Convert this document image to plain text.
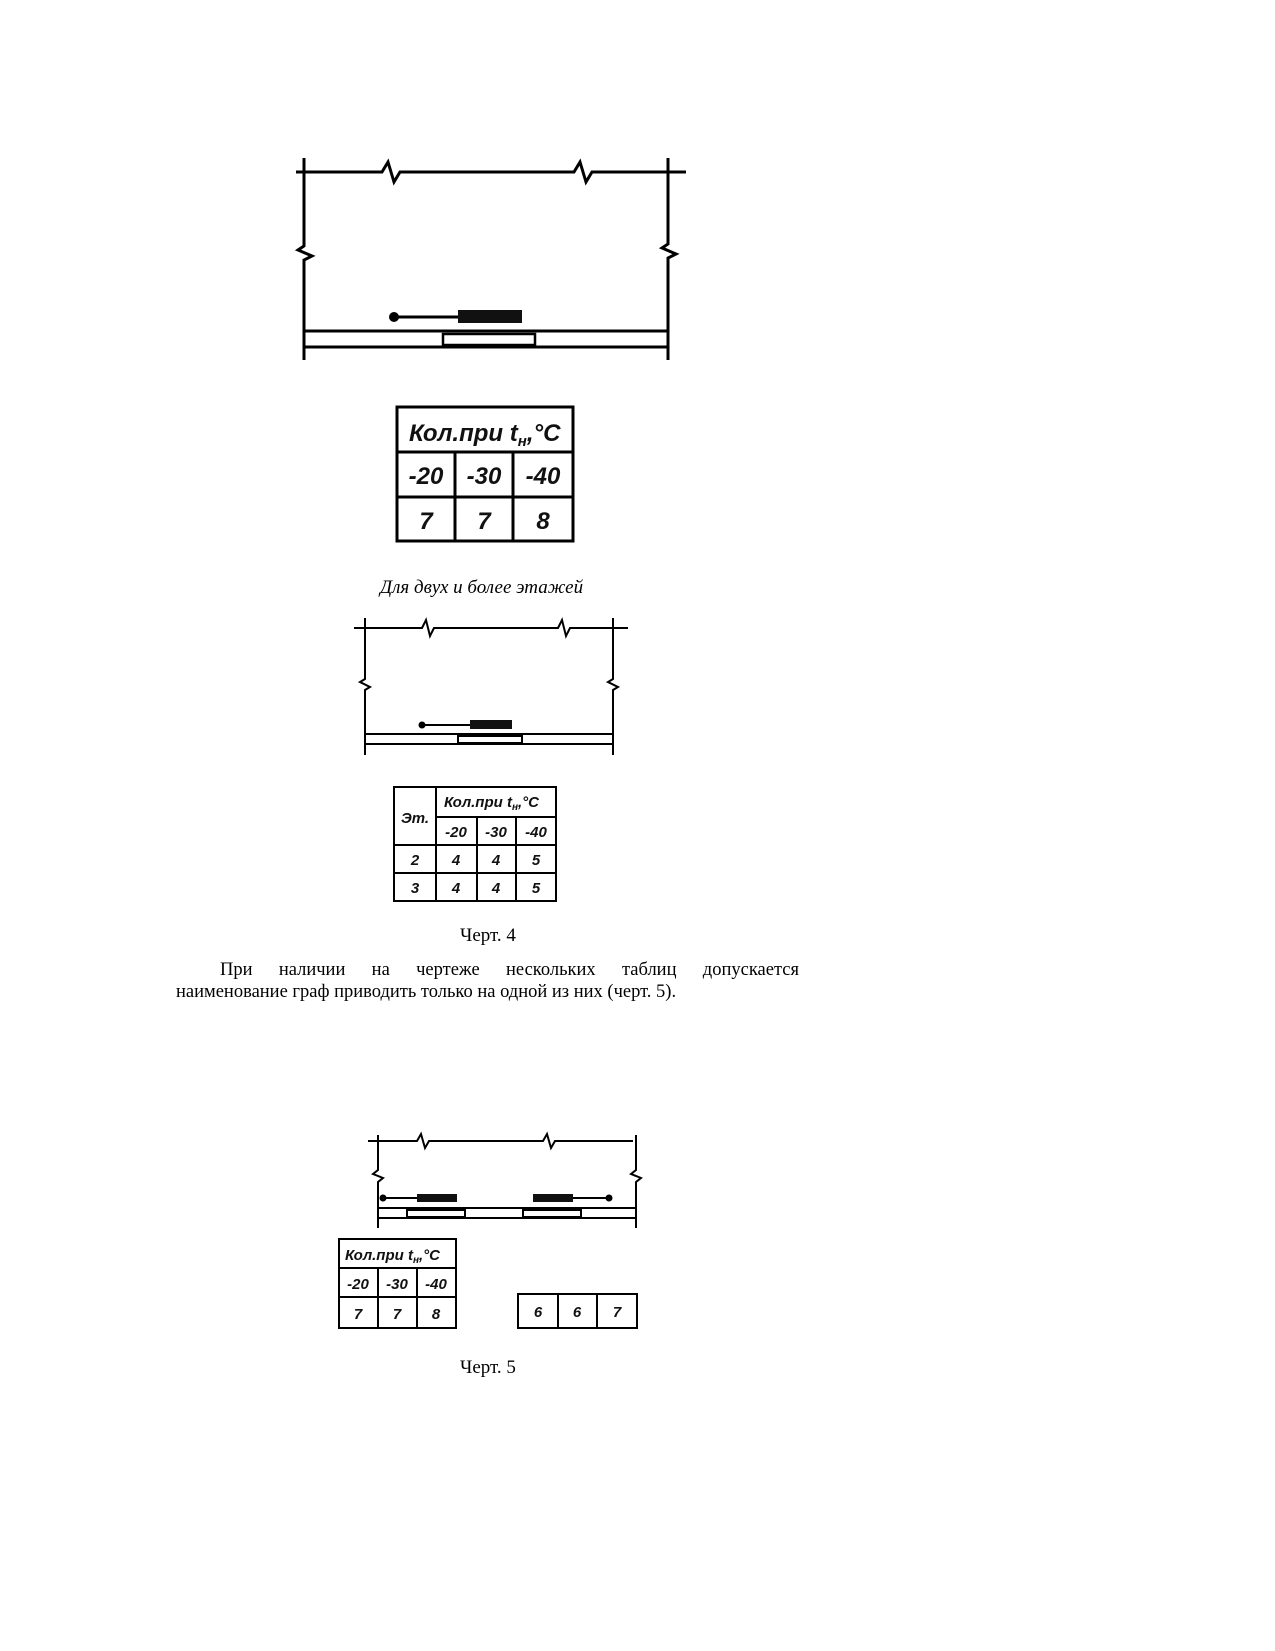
Кол.при $t_н,^\circ C$
-20 -30 -40
7 7 8
Для двух и более этажей
Эт.
Кол.при $t_н,^\circ C$
-20 -30 -40
2 4 4 5
3 4 4 5
Черт. 4
При наличии на чертеже нескольких таблиц допускается
наименование граф приводить только на одной из них (черт. 5).
Кол.при $t_н,^\circ C$
-20 -30 -40
7 7 8	6 6 7
Черт. 5
